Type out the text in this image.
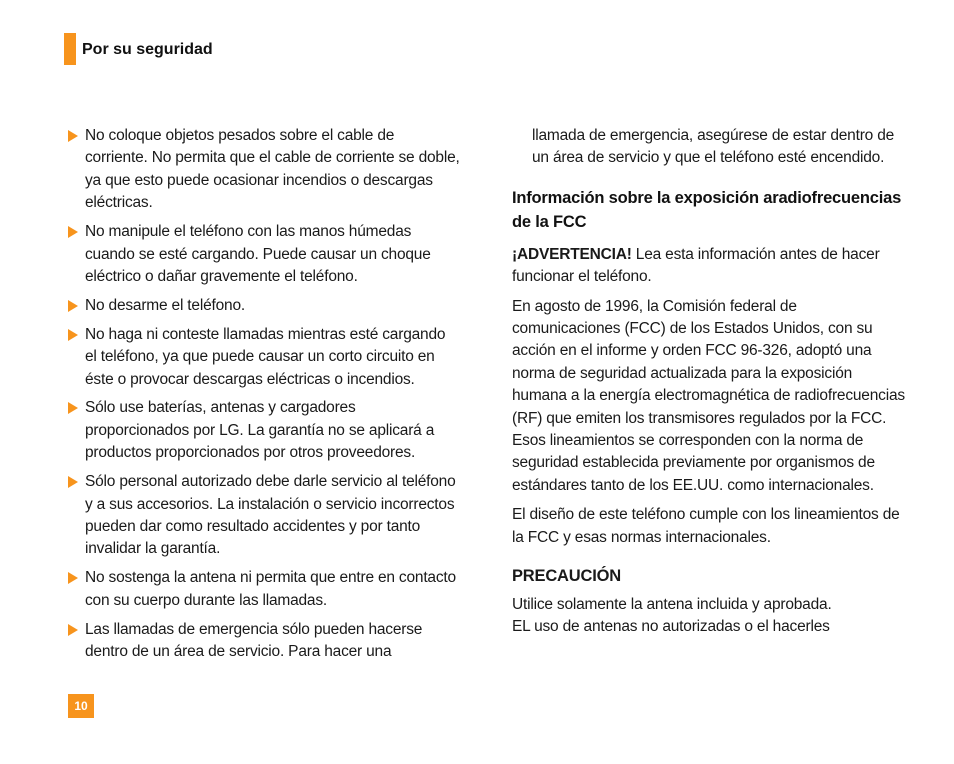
Por su seguridad
No coloque objetos pesados sobre el cable de corriente. No permita que el cable de corriente se doble, ya que esto puede ocasionar incendios o descargas eléctricas.
No manipule el teléfono con las manos húmedas cuando se esté cargando. Puede causar un choque eléctrico o dañar gravemente el teléfono.
No desarme el teléfono.
No haga ni conteste llamadas mientras esté cargando el teléfono, ya que puede causar un corto circuito en éste o provocar descargas eléctricas o incendios.
Sólo use baterías, antenas y cargadores proporcionados por LG. La garantía no se aplicará a productos proporcionados por otros proveedores.
Sólo personal autorizado debe darle servicio al teléfono y a sus accesorios. La instalación o servicio incorrectos pueden dar como resultado accidentes y por tanto invalidar la garantía.
No sostenga la antena ni permita que entre en contacto con su cuerpo durante las llamadas.
Las llamadas de emergencia sólo pueden hacerse dentro de un área de servicio. Para hacer una
llamada de emergencia, asegúrese de estar dentro de un área de servicio y que el teléfono esté encendido.
Información sobre la exposición aradiofrecuencias de la FCC

¡ADVERTENCIA! Lea esta información antes de hacer funcionar el teléfono.

En agosto de 1996, la Comisión federal de comunicaciones (FCC) de los Estados Unidos, con su acción en el informe y orden FCC 96-326, adoptó una norma de seguridad actualizada para la exposición humana a la energía electromagnética de radiofrecuencias (RF) que emiten los transmisores regulados por la FCC. Esos lineamientos se corresponden con la norma de seguridad establecida previamente por organismos de estándares tanto de los EE.UU. como internacionales.

El diseño de este teléfono cumple con los lineamientos de la FCC y esas normas internacionales.

PRECAUCIÓN
Utilice solamente la antena incluida y aprobada.
EL uso de antenas no autorizadas o el hacerles
10
